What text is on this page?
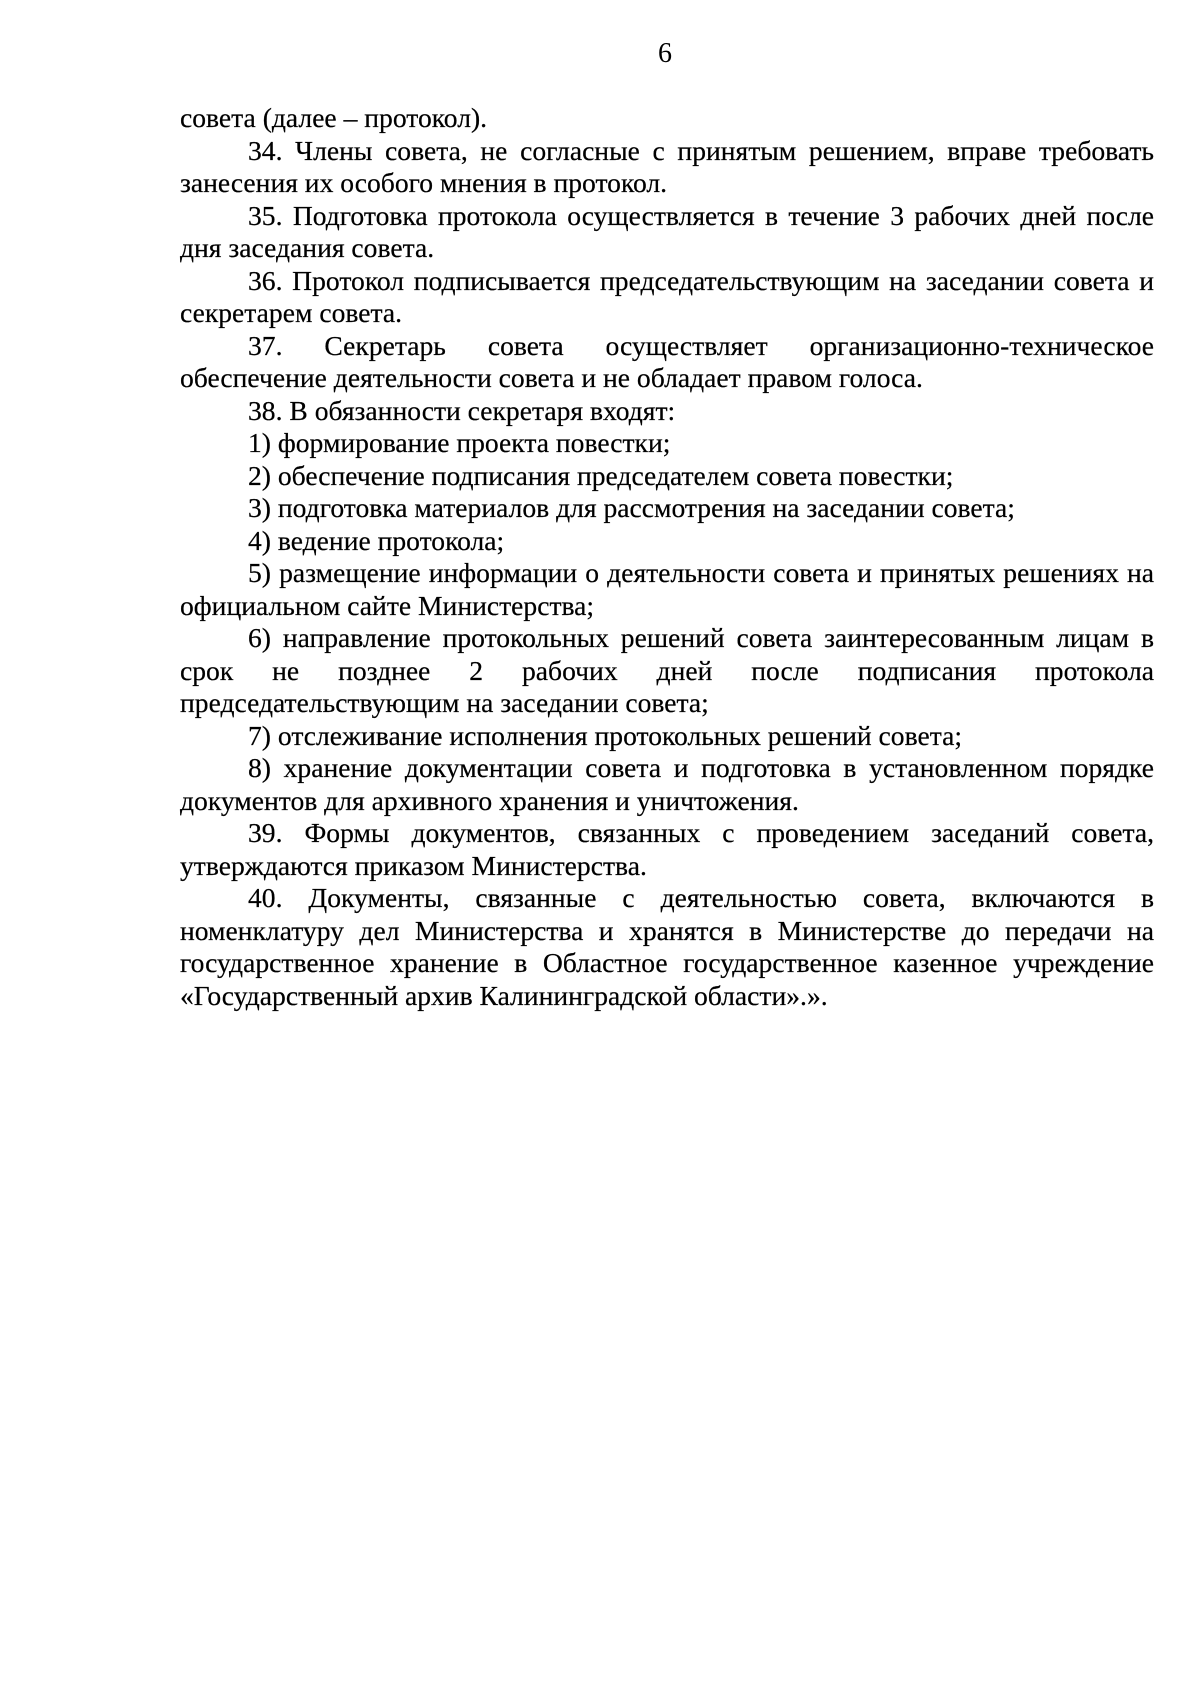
6

совета (далее – протокол).

34. Члены совета, не согласные с принятым решением, вправе требовать занесения их особого мнения в протокол.

35. Подготовка протокола осуществляется в течение 3 рабочих дней после дня заседания совета.

36. Протокол подписывается председательствующим на заседании совета и секретарем совета.

37. Секретарь совета осуществляет организационно-техническое обеспечение деятельности совета и не обладает правом голоса.

38. В обязанности секретаря входят:

1) формирование проекта повестки;

2) обеспечение подписания председателем совета повестки;

3) подготовка материалов для рассмотрения на заседании совета;

4) ведение протокола;

5) размещение информации о деятельности совета и принятых решениях на официальном сайте Министерства;

6) направление протокольных решений совета заинтересованным лицам в срок не позднее 2 рабочих дней после подписания протокола председательствующим на заседании совета;

7) отслеживание исполнения протокольных решений совета;

8) хранение документации совета и подготовка в установленном порядке документов для архивного хранения и уничтожения.

39. Формы документов, связанных с проведением заседаний совета, утверждаются приказом Министерства.

40. Документы, связанные с деятельностью совета, включаются в номенклатуру дел Министерства и хранятся в Министерстве до передачи на государственное хранение в Областное государственное казенное учреждение «Государственный архив Калининградской области».».
